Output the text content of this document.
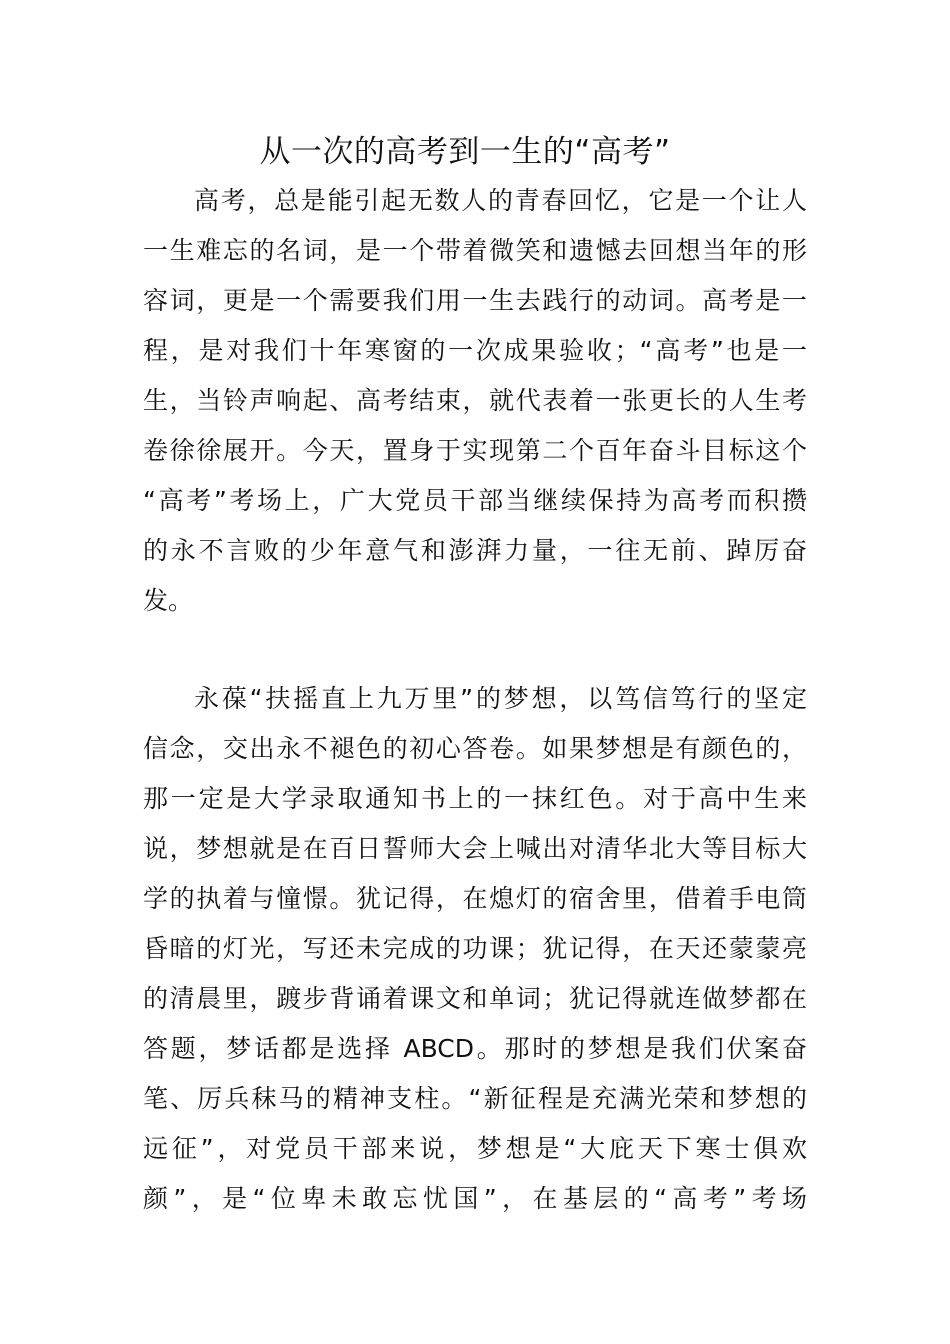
从一次的高考到一生的“高考”

高考，总是能引起无数人的青春回忆，它是一个让人

一生难忘的名词，是一个带着微笑和遗憾去回想当年的形

容词，更是一个需要我们用一生去践行的动词。高考是一

程，是对我们十年寒窗的一次成果验收；“高考”也是一

生，当铃声响起、高考结束，就代表着一张更长的人生考

卷徐徐展开。今天，置身于实现第二个百年奋斗目标这个

“高考”考场上，广大党员干部当继续保持为高考而积攒

的永不言败的少年意气和澎湃力量，一往无前、踔厉奋

发。

永葆“扶摇直上九万里”的梦想，以笃信笃行的坚定

信念，交出永不褪色的初心答卷。如果梦想是有颜色的，

那一定是大学录取通知书上的一抹红色。对于高中生来

说，梦想就是在百日誓师大会上喊出对清华北大等目标大

学的执着与憧憬。犹记得，在熄灯的宿舍里，借着手电筒

昏暗的灯光，写还未完成的功课；犹记得，在天还蒙蒙亮

的清晨里，踱步背诵着课文和单词；犹记得就连做梦都在

答题，梦话都是选择 ABCD。那时的梦想是我们伏案奋

笔、厉兵秣马的精神支柱。“新征程是充满光荣和梦想的

远征”，对党员干部来说，梦想是“大庇天下寒士俱欢

颜”，是“位卑未敢忘忧国”，在基层的“高考”考场
